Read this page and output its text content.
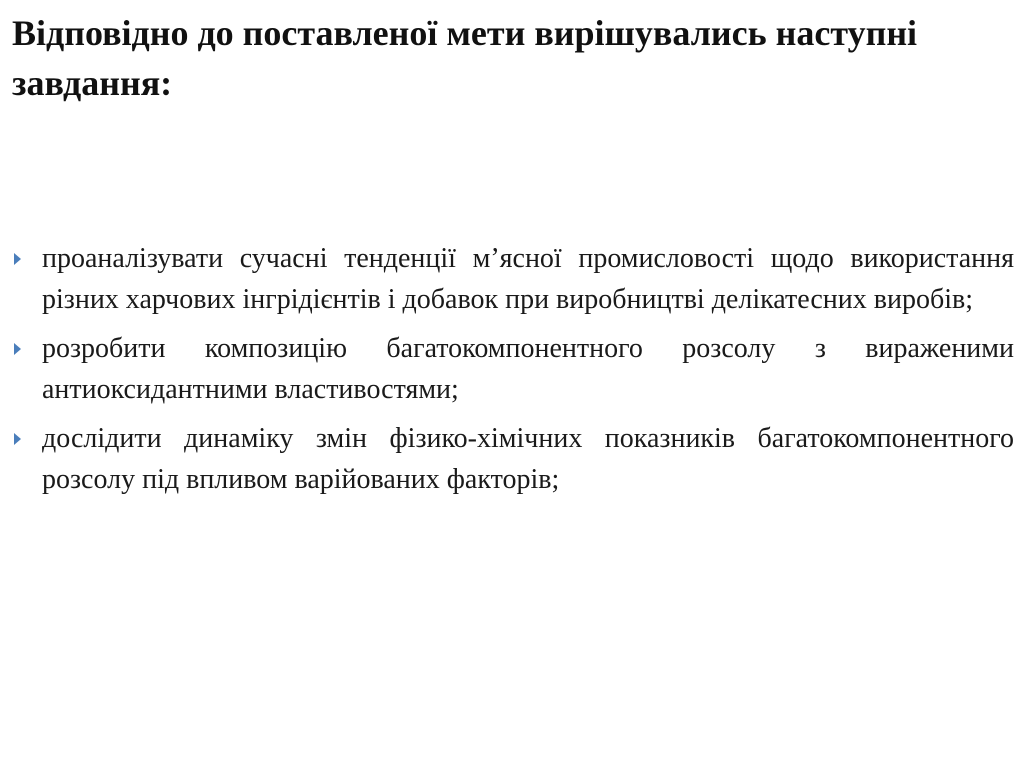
Відповідно до поставленої мети вирішувались наступні завдання:
проаналізувати сучасні тенденції м’ясної промисловості щодо використання різних харчових інгрідієнтів і добавок при виробництві делікатесних виробів;
розробити композицію багатокомпонентного розсолу з вираженими антиоксидантними властивостями;
дослідити динаміку змін фізико-хімічних показників багатокомпонентного розсолу під впливом варійованих факторів;
